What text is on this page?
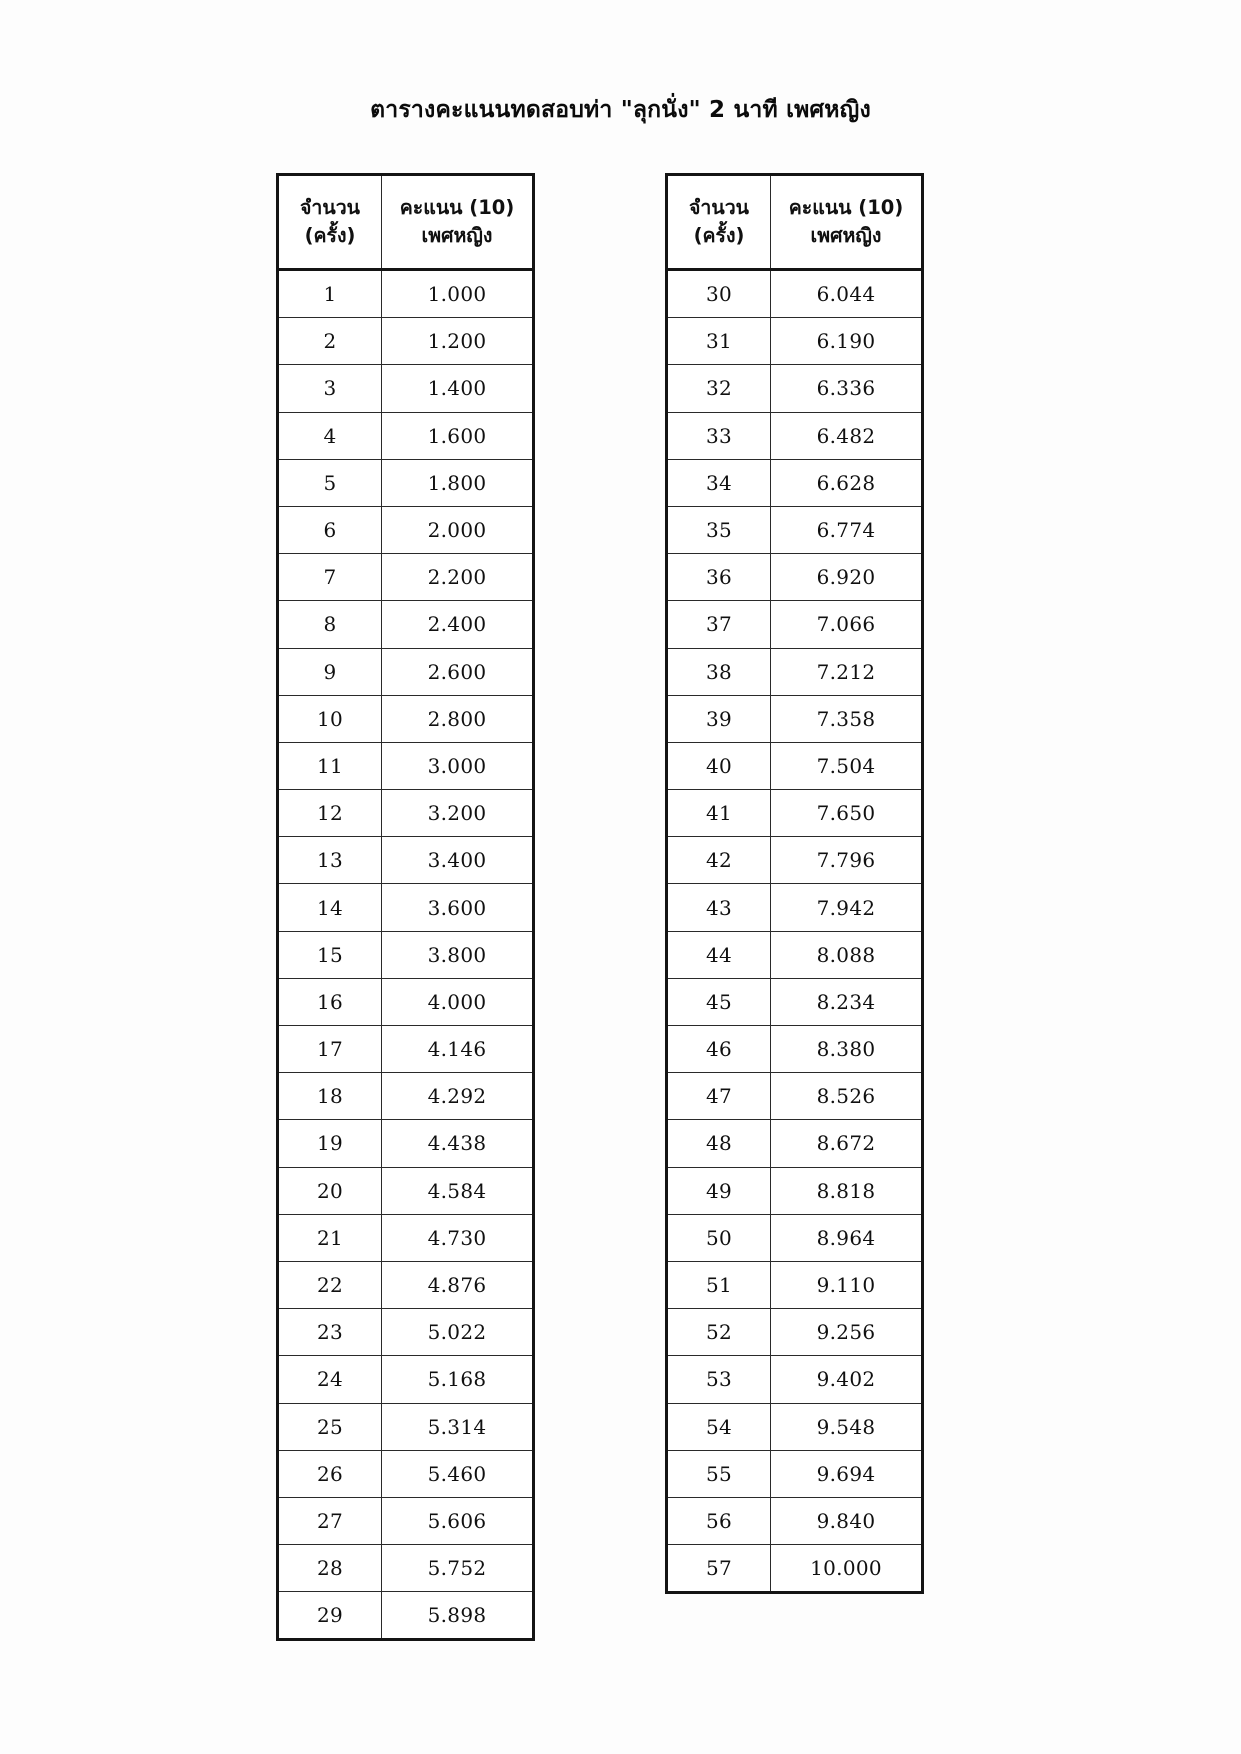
ตารางคะแนนทดสอบท่า "ลุกนั่ง" 2 นาที เพศหญิง
จำนวน
(ครั้ง)	คะแนน (10)
เพศหญิง

1	1.000
2	1.200
3	1.400
4	1.600
5	1.800
6	2.000
7	2.200
8	2.400
9	2.600
10	2.800
11	3.000
12	3.200
13	3.400
14	3.600
15	3.800
16	4.000
17	4.146
18	4.292
19	4.438
20	4.584
21	4.730
22	4.876
23	5.022
24	5.168
25	5.314
26	5.460
27	5.606
28	5.752
29	5.898
จำนวน
(ครั้ง)	คะแนน (10)
เพศหญิง

30	6.044
31	6.190
32	6.336
33	6.482
34	6.628
35	6.774
36	6.920
37	7.066
38	7.212
39	7.358
40	7.504
41	7.650
42	7.796
43	7.942
44	8.088
45	8.234
46	8.380
47	8.526
48	8.672
49	8.818
50	8.964
51	9.110
52	9.256
53	9.402
54	9.548
55	9.694
56	9.840
57	10.000
